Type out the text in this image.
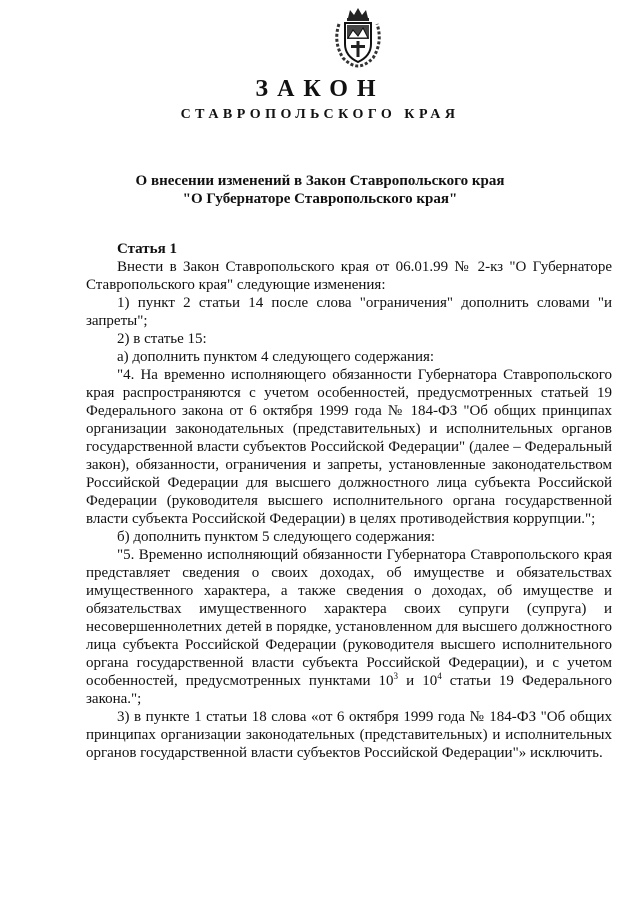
ЗАКОН
СТАВРОПОЛЬСКОГО КРАЯ
О внесении изменений в Закон Ставропольского края
"О Губернаторе Ставропольского края"

Статья 1

Внести в Закон Ставропольского края от 06.01.99 № 2-кз "О Губернаторе Ставропольского края" следующие изменения:

1) пункт 2 статьи 14 после слова "ограничения" дополнить словами "и запреты";

2) в статье 15:

а) дополнить пунктом 4 следующего содержания:

"4. На временно исполняющего обязанности Губернатора Ставропольского края распространяются с учетом особенностей, предусмотренных статьей 19 Федерального закона от 6 октября 1999 года № 184-ФЗ "Об общих принципах организации законодательных (представительных) и исполнительных органов государственной власти субъектов Российской Федерации" (далее – Федеральный закон), обязанности, ограничения и запреты, установленные законодательством Российской Федерации для высшего должностного лица субъекта Российской Федерации (руководителя высшего исполнительного органа государственной власти субъекта Российской Федерации) в целях противодействия коррупции.";

б) дополнить пунктом 5 следующего содержания:

"5. Временно исполняющий обязанности Губернатора Ставропольского края представляет сведения о своих доходах, об имуществе и обязательствах имущественного характера, а также сведения о доходах, об имуществе и обязательствах имущественного характера своих супруги (супруга) и несовершеннолетних детей в порядке, установленном для высшего должностного лица субъекта Российской Федерации (руководителя высшего исполнительного органа государственной власти субъекта Российской Федерации), и с учетом особенностей, предусмотренных пунктами $10^3$ и $10^4$ статьи 19 Федерального закона.";

3) в пункте 1 статьи 18 слова «от 6 октября 1999 года № 184-ФЗ "Об общих принципах организации законодательных (представительных) и исполнительных органов государственной власти субъектов Российской Федерации"» исключить.
